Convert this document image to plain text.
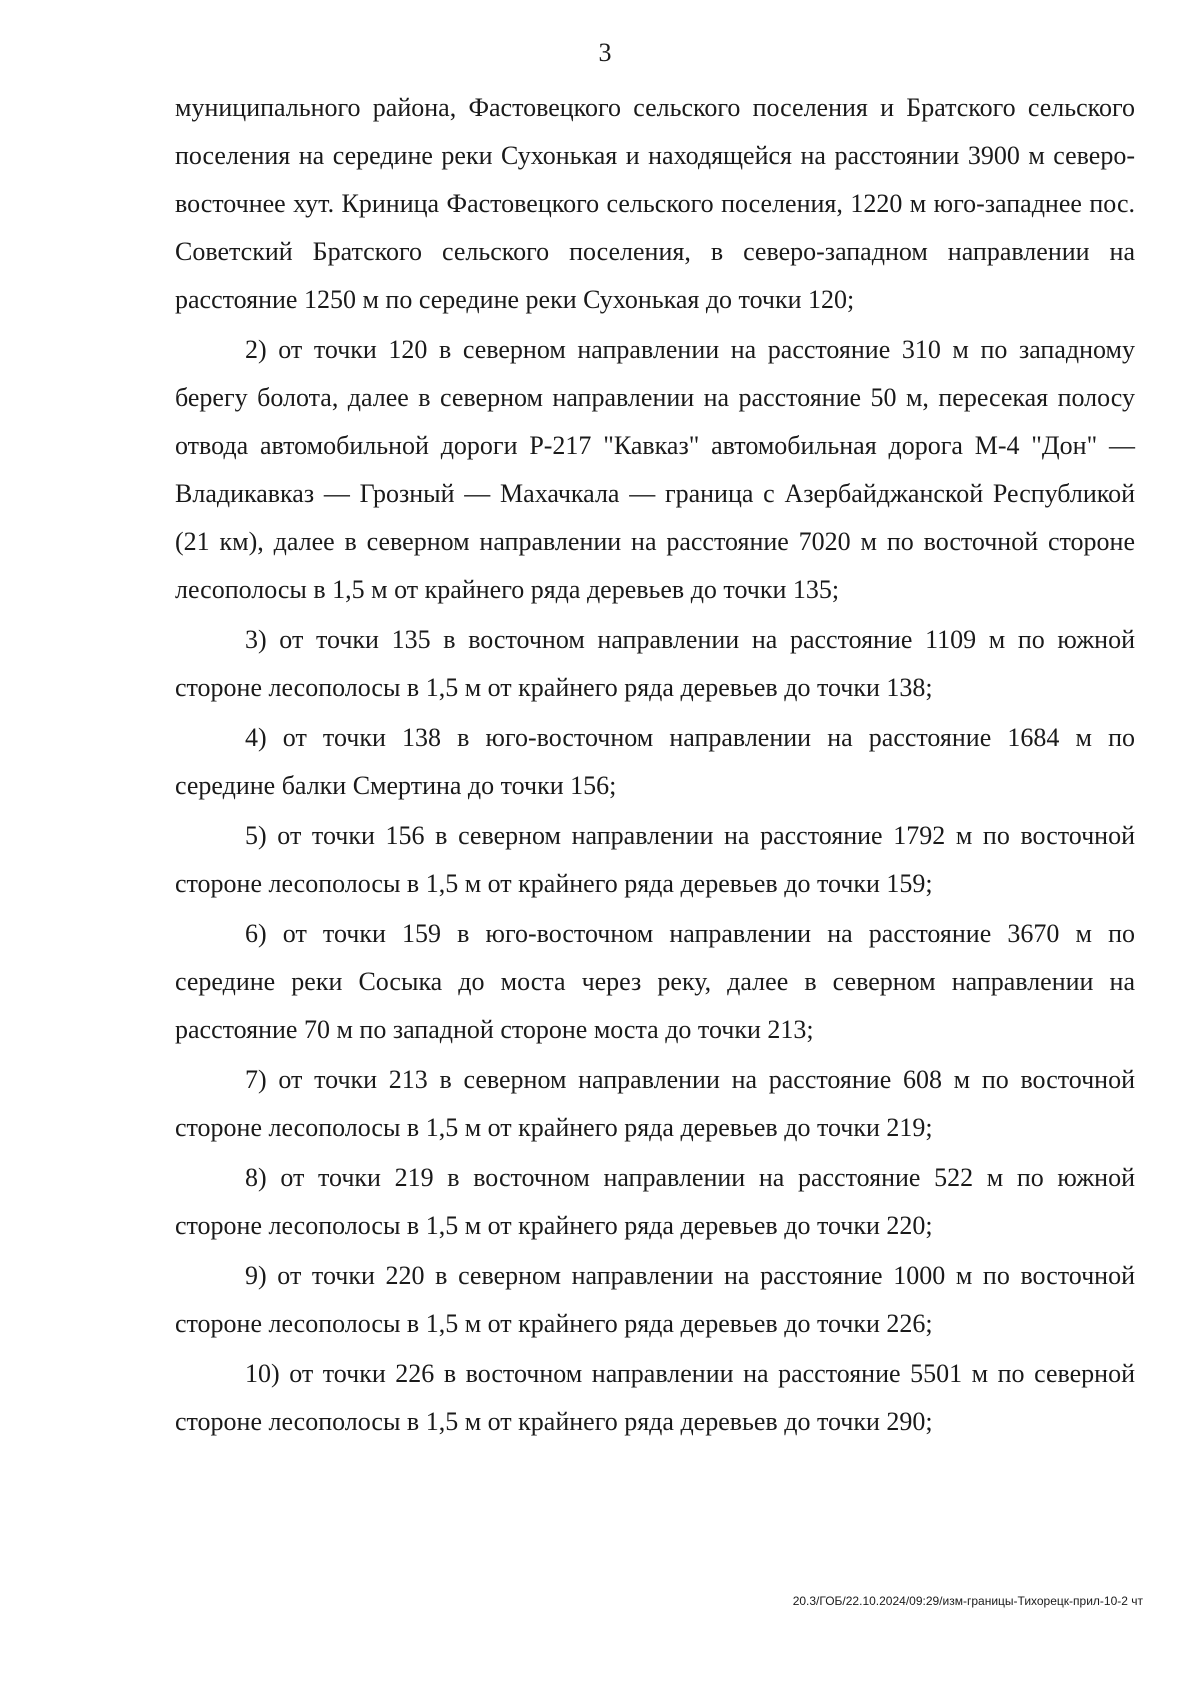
3

муниципального района, Фастовецкого сельского поселения и Братского сельского поселения на середине реки Сухонькая и находящейся на расстоянии 3900 м северо-восточнее хут. Криница Фастовецкого сельского поселения, 1220 м юго-западнее пос. Советский Братского сельского поселения, в северо-западном направлении на расстояние 1250 м по середине реки Сухонькая до точки 120;

2) от точки 120 в северном направлении на расстояние 310 м по западному берегу болота, далее в северном направлении на расстояние 50 м, пересекая полосу отвода автомобильной дороги Р-217 "Кавказ" автомобильная дорога М-4 "Дон" — Владикавказ — Грозный — Махачкала — граница с Азербайджанской Республикой (21 км), далее в северном направлении на расстояние 7020 м по восточной стороне лесополосы в 1,5 м от крайнего ряда деревьев до точки 135;

3) от точки 135 в восточном направлении на расстояние 1109 м по южной стороне лесополосы в 1,5 м от крайнего ряда деревьев до точки 138;

4) от точки 138 в юго-восточном направлении на расстояние 1684 м по середине балки Смертина до точки 156;

5) от точки 156 в северном направлении на расстояние 1792 м по восточной стороне лесополосы в 1,5 м от крайнего ряда деревьев до точки 159;

6) от точки 159 в юго-восточном направлении на расстояние 3670 м по середине реки Сосыка до моста через реку, далее в северном направлении на расстояние 70 м по западной стороне моста до точки 213;

7) от точки 213 в северном направлении на расстояние 608 м по восточной стороне лесополосы в 1,5 м от крайнего ряда деревьев до точки 219;

8) от точки 219 в восточном направлении на расстояние 522 м по южной стороне лесополосы в 1,5 м от крайнего ряда деревьев до точки 220;

9) от точки 220 в северном направлении на расстояние 1000 м по восточной стороне лесополосы в 1,5 м от крайнего ряда деревьев до точки 226;

10) от точки 226 в восточном направлении на расстояние 5501 м по северной стороне лесополосы в 1,5 м от крайнего ряда деревьев до точки 290;

20.3/ГОБ/22.10.2024/09:29/изм-границы-Тихорецк-прил-10-2 чт
